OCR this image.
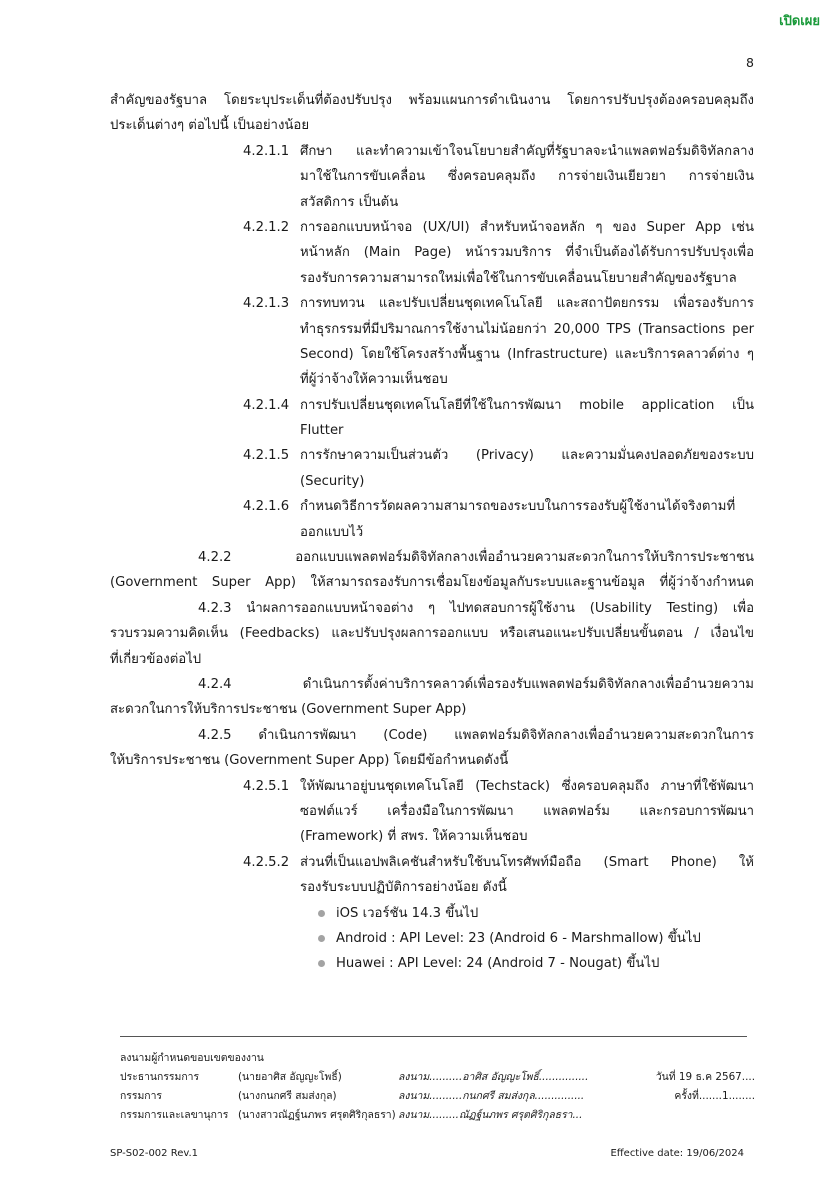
เปิดเผย
8
สำคัญของรัฐบาล โดยระบุประเด็นที่ต้องปรับปรุง พร้อมแผนการดำเนินงาน โดยการปรับปรุงต้องครอบคลุมถึง
ประเด็นต่างๆ ต่อไปนี้ เป็นอย่างน้อย
4.2.1.1 ศึกษา และทำความเข้าใจนโยบายสำคัญที่รัฐบาลจะนำแพลตฟอร์มดิจิทัลกลาง
มาใช้ในการขับเคลื่อน ซึ่งครอบคลุมถึง การจ่ายเงินเยียวยา การจ่ายเงิน
สวัสดิการ เป็นต้น
4.2.1.2 การออกแบบหน้าจอ (UX/UI) สำหรับหน้าจอหลัก ๆ ของ Super App เช่น
หน้าหลัก (Main Page) หน้ารวมบริการ ที่จำเป็นต้องได้รับการปรับปรุงเพื่อ
รองรับการความสามารถใหม่เพื่อใช้ในการขับเคลื่อนนโยบายสำคัญของรัฐบาล
4.2.1.3 การทบทวน และปรับเปลี่ยนชุดเทคโนโลยี และสถาปัตยกรรม เพื่อรองรับการ
ทำธุรกรรมที่มีปริมาณการใช้งานไม่น้อยกว่า 20,000 TPS (Transactions per
Second) โดยใช้โครงสร้างพื้นฐาน (Infrastructure) และบริการคลาวด์ต่าง ๆ
ที่ผู้ว่าจ้างให้ความเห็นชอบ
4.2.1.4 การปรับเปลี่ยนชุดเทคโนโลยีที่ใช้ในการพัฒนา mobile application เป็น
Flutter
4.2.1.5 การรักษาความเป็นส่วนตัว (Privacy) และความมั่นคงปลอดภัยของระบบ
(Security)
4.2.1.6 กำหนดวิธีการวัดผลความสามารถของระบบในการรองรับผู้ใช้งานได้จริงตามที่
ออกแบบไว้
4.2.2 ออกแบบแพลตฟอร์มดิจิทัลกลางเพื่ออำนวยความสะดวกในการให้บริการประชาชน
(Government Super App) ให้สามารถรองรับการเชื่อมโยงข้อมูลกับระบบและฐานข้อมูล ที่ผู้ว่าจ้างกำหนด
4.2.3 นำผลการออกแบบหน้าจอต่าง ๆ ไปทดสอบการผู้ใช้งาน (Usability Testing) เพื่อ
รวบรวมความคิดเห็น (Feedbacks) และปรับปรุงผลการออกแบบ หรือเสนอแนะปรับเปลี่ยนขั้นตอน / เงื่อนไข
ที่เกี่ยวข้องต่อไป
4.2.4 ดำเนินการตั้งค่าบริการคลาวด์เพื่อรองรับแพลตฟอร์มดิจิทัลกลางเพื่ออำนวยความ
สะดวกในการให้บริการประชาชน (Government Super App)
4.2.5 ดำเนินการพัฒนา (Code) แพลตฟอร์มดิจิทัลกลางเพื่ออำนวยความสะดวกในการ
ให้บริการประชาชน (Government Super App) โดยมีข้อกำหนดดังนี้
4.2.5.1 ให้พัฒนาอยู่บนชุดเทคโนโลยี (Techstack) ซึ่งครอบคลุมถึง ภาษาที่ใช้พัฒนา
ซอฟต์แวร์ เครื่องมือในการพัฒนา แพลตฟอร์ม และกรอบการพัฒนา
(Framework) ที่ สพร. ให้ความเห็นชอบ
4.2.5.2 ส่วนที่เป็นแอปพลิเคชันสำหรับใช้บนโทรศัพท์มือถือ (Smart Phone) ให้
รองรับระบบปฏิบัติการอย่างน้อย ดังนี้
iOS เวอร์ชัน 14.3 ขึ้นไป
Android : API Level: 23 (Android 6 - Marshmallow) ขึ้นไป
Huawei : API Level: 24 (Android 7 - Nougat) ขึ้นไป
ลงนามผู้กำหนดขอบเขตของงาน
ประธานกรรมการ	(นายอาศิส อัญญะโพธิ์)	ลงนาม..........อาศิส อัญญะโพธิ์...............	วันที่ 19 ธ.ค 2567....
กรรมการ	(นางกนกศรี สมส่งกุล)	ลงนาม..........กนกศรี สมส่งกุล...............	ครั้งที่.......1........
กรรมการและเลขานุการ (นางสาวณัฏฐ์นภพร ศรุตศิริกุลธรา) ลงนาม.........ณัฏฐ์นภพร ศรุตศิริกุลธรา...
SP-S02-002 Rev.1	Effective date: 19/06/2024
